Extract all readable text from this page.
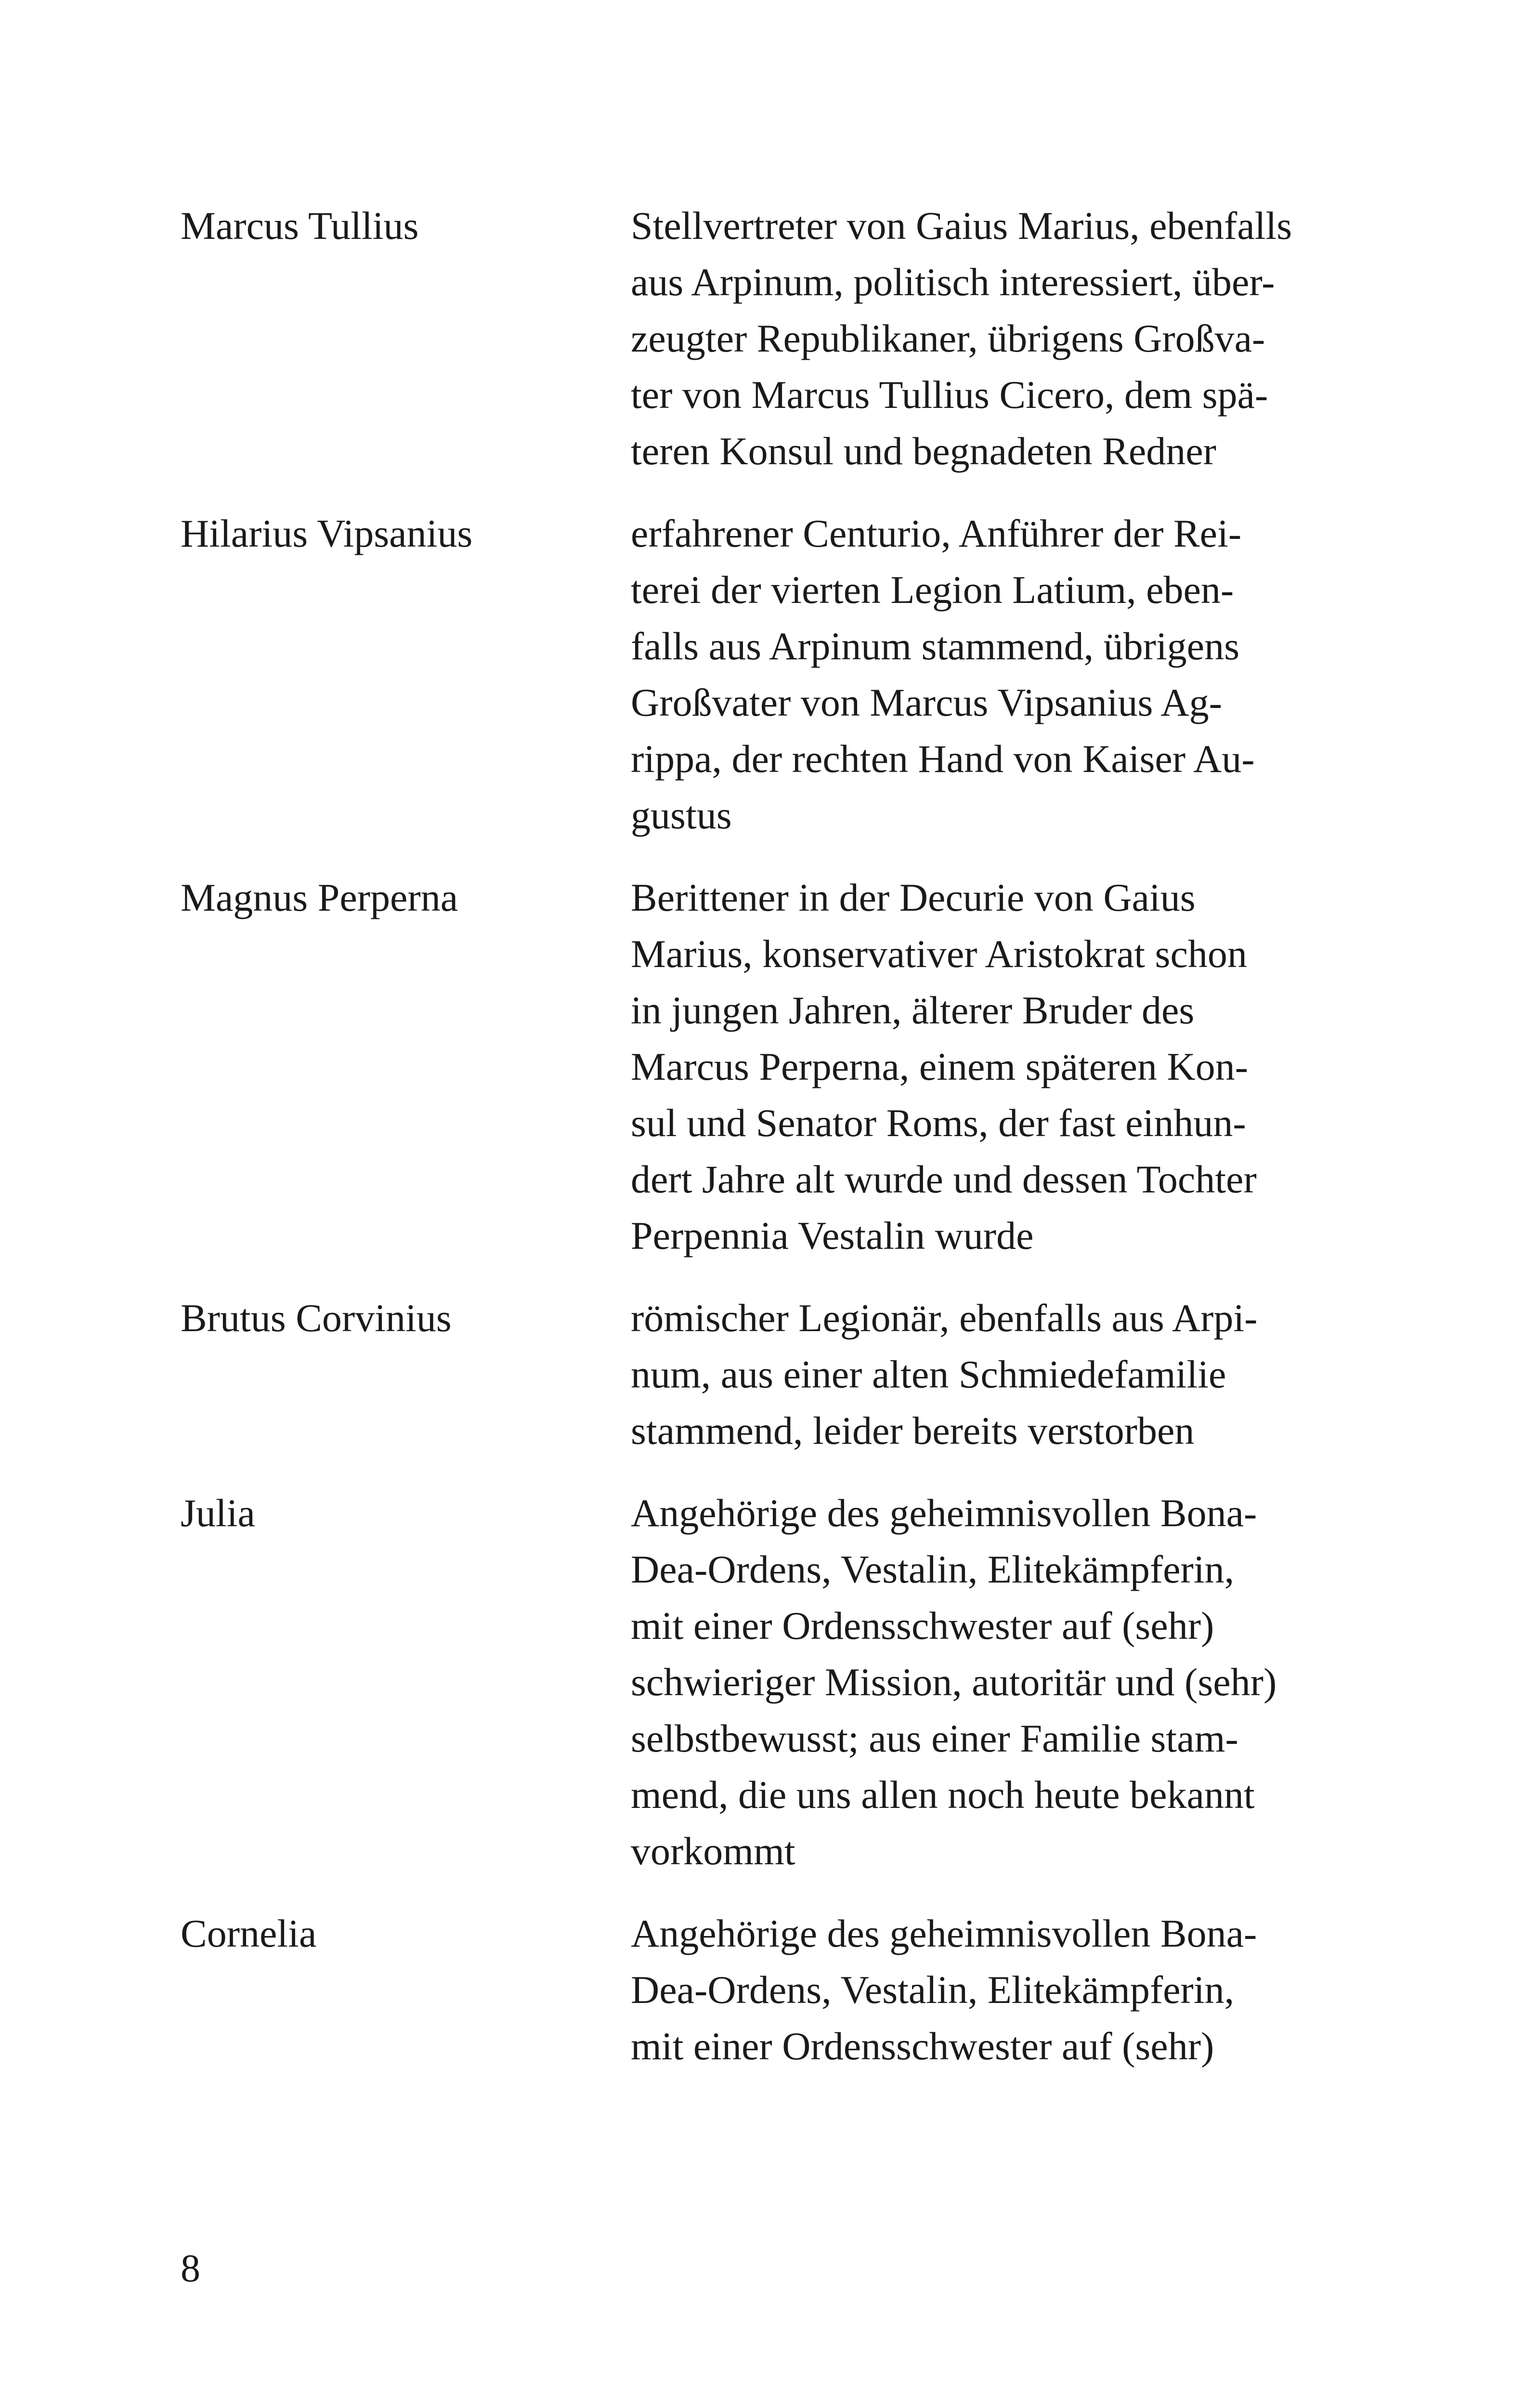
Marcus Tullius	Stellvertreter von Gaius Marius, ebenfalls
aus Arpinum, politisch interessiert, über-
zeugter Republikaner, übrigens Großva-
ter von Marcus Tullius Cicero, dem spä-
teren Konsul und begnadeten Redner
Hilarius Vipsanius	erfahrener Centurio, Anführer der Rei-
terei der vierten Legion Latium, eben-
falls aus Arpinum stammend, übrigens
Großvater von Marcus Vipsanius Ag-
rippa, der rechten Hand von Kaiser Au-
gustus
Magnus Perperna	Berittener in der Decurie von Gaius
Marius, konservativer Aristokrat schon
in jungen Jahren, älterer Bruder des
Marcus Perperna, einem späteren Kon-
sul und Senator Roms, der fast einhun-
dert Jahre alt wurde und dessen Tochter
Perpennia Vestalin wurde
Brutus Corvinius	römischer Legionär, ebenfalls aus Arpi-
num, aus einer alten Schmiedefamilie
stammend, leider bereits verstorben
Julia	Angehörige des geheimnisvollen Bona-
Dea-Ordens, Vestalin, Elitekämpferin,
mit einer Ordensschwester auf (sehr)
schwieriger Mission, autoritär und (sehr)
selbstbewusst; aus einer Familie stam-
mend, die uns allen noch heute bekannt
vorkommt
Cornelia	Angehörige des geheimnisvollen Bona-
Dea-Ordens, Vestalin, Elitekämpferin,
mit einer Ordensschwester auf (sehr)
8
